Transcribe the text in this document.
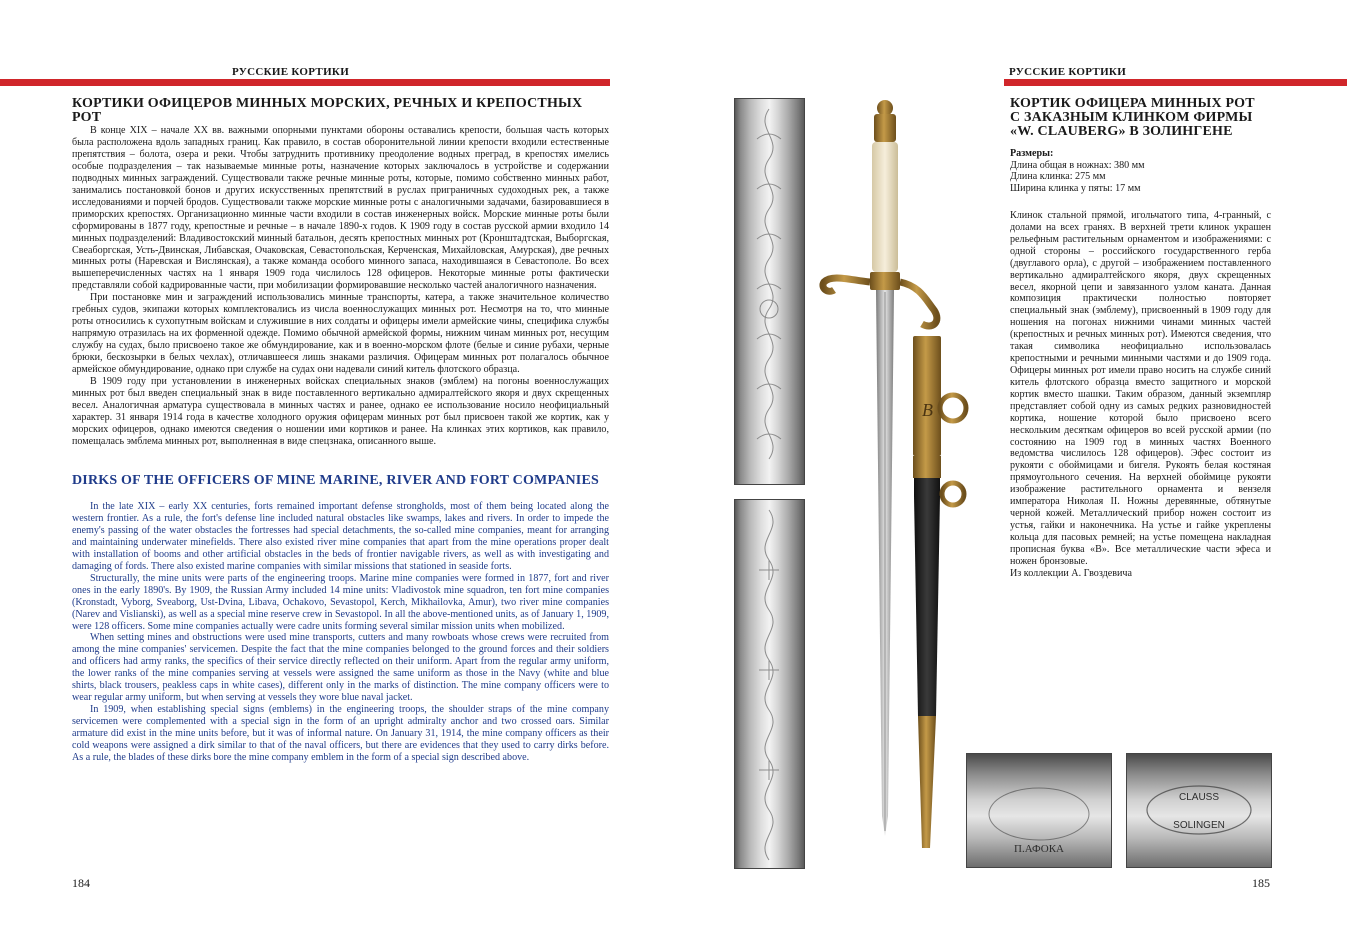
РУССКИЕ КОРТИКИ
КОРТИКИ ОФИЦЕРОВ МИННЫХ МОРСКИХ, РЕЧНЫХ И КРЕПОСТНЫХ РОТ

В конце XIX – начале XX вв. важными опорными пунктами обороны оставались крепости, большая часть которых была расположена вдоль западных границ. Как правило, в состав оборонительной линии крепости входили естественные препятствия – болота, озера и реки. Чтобы затруднить противнику преодоление водных преград, в крепостях имелись особые подразделения – так называемые минные роты, назначение которых заключалось в устройстве и содержании подводных минных заграждений. Существовали также речные минные роты, которые, помимо собственно минных работ, занимались постановкой бонов и других искусственных препятствий в руслах приграничных судоходных рек, а также исследованиями и порчей бродов. Существовали также морские минные роты с аналогичными задачами, базировавшиеся в приморских крепостях. Организационно минные части входили в состав инженерных войск. Морские минные роты были сформированы в 1877 году, крепостные и речные – в начале 1890-х годов. К 1909 году в состав русской армии входило 14 минных подразделений: Владивостокский минный батальон, десять крепостных минных рот (Кронштадтская, Выборгская, Свеаборгская, Усть-Двинская, Либавская, Очаковская, Севастопольская, Керченская, Михайловская, Амурская), две речных минных роты (Наревская и Вислянская), а также команда особого минного запаса, находившаяся в Севастополе. Во всех вышеперечисленных частях на 1 января 1909 года числилось 128 офицеров. Некоторые минные роты фактически представляли собой кадрированные части, при мобилизации формировавшие несколько частей аналогичного назначения.

При постановке мин и заграждений использовались минные транспорты, катера, а также значительное количество гребных судов, экипажи которых комплектовались из числа военнослужащих минных рот. Несмотря на то, что минные роты относились к сухопутным войскам и служившие в них солдаты и офицеры имели армейские чины, специфика службы напрямую отразилась на их форменной одежде. Помимо обычной армейской формы, нижним чинам минных рот, несущим службу на судах, было присвоено такое же обмундирование, как и в военно-морском флоте (белые и синие рубахи, черные брюки, бескозырки в белых чехлах), отличавшееся лишь знаками различия. Офицерам минных рот полагалось обычное армейское обмундирование, однако при службе на судах они надевали синий китель флотского образца.

В 1909 году при установлении в инженерных войсках специальных знаков (эмблем) на погоны военнослужащих минных рот был введен специальный знак в виде поставленного вертикально адмиралтейского якоря и двух скрещенных весел. Аналогичная арматура существовала в минных частях и ранее, однако ее использование носило неофициальный характер. 31 января 1914 года в качестве холодного оружия офицерам минных рот был присвоен такой же кортик, как у морских офицеров, однако имеются сведения о ношении ими кортиков и ранее. На клинках этих кортиков, как правило, помещалась эмблема минных рот, выполненная в виде спецзнака, описанного выше.

DIRKS OF THE OFFICERS OF MINE MARINE, RIVER AND FORT COMPANIES

In the late XIX – early XX centuries, forts remained important defense strongholds, most of them being located along the western frontier. As a rule, the fort's defense line included natural obstacles like swamps, lakes and rivers. In order to impede the enemy's passing of the water obstacles the fortresses had special detachments, the so-called mine companies, meant for arranging and maintaining underwater minefields. There also existed river mine companies that apart from the mine operations proper dealt with installation of booms and other artificial obstacles in the beds of frontier navigable rivers, as well as with investigating and damaging of fords. There also existed marine companies with similar missions that stationed in seaside forts.

Structurally, the mine units were parts of the engineering troops. Marine mine companies were formed in 1877, fort and river ones in the early 1890's. By 1909, the Russian Army included 14 mine units: Vladivostok mine squadron, ten fort mine companies (Kronstadt, Vyborg, Sveaborg, Ust-Dvina, Libava, Ochakovo, Sevastopol, Kerch, Mikhailovka, Amur), two river mine companies (Narev and Vislianski), as well as a special mine reserve crew in Sevastopol. In all the above-mentioned units, as of January 1, 1909, were 128 officers. Some mine companies actually were cadre units forming several similar mission units when mobilized.

When setting mines and obstructions were used mine transports, cutters and many rowboats whose crews were recruited from among the mine companies' servicemen. Despite the fact that the mine companies belonged to the ground forces and their soldiers and officers had army ranks, the specifics of their service directly reflected on their uniform. Apart from the regular army uniform, the lower ranks of the mine companies serving at vessels were assigned the same uniform as those in the Navy (white and blue shirts, black trousers, peakless caps in white cases), different only in the marks of distinction. The mine company officers were to wear regular army uniform, but when serving at vessels they wore blue naval jacket.

In 1909, when establishing special signs (emblems) in the engineering troops, the shoulder straps of the mine company servicemen were complemented with a special sign in the form of an upright admiralty anchor and two crossed oars. Similar armature did exist in the mine units before, but it was of informal nature. On January 31, 1914, the mine company officers as their cold weapons were assigned a dirk similar to that of the naval officers, but there are evidences that they used to carry dirks before. As a rule, the blades of these dirks bore the mine company emblem in the form of a special sign described above.

184
В
РУССКИЕ КОРТИКИ
КОРТИК ОФИЦЕРА МИННЫХ РОТ
С ЗАКАЗНЫМ КЛИНКОМ ФИРМЫ
«W. CLAUBERG» В ЗОЛИНГЕНЕ
Размеры:
Длина общая в ножнах: 380 мм
Длина клинка: 275 мм
Ширина клинка у пяты: 17 мм

Клинок стальной прямой, игольчатого типа, 4-гранный, с долами на всех гранях. В верхней трети клинок украшен рельефным растительным орнаментом и изображениями: с одной стороны – российского государственного герба (двуглавого орла), с другой – изображением поставленного вертикально адмиралтейского якоря, двух скрещенных весел, якорной цепи и завязанного узлом каната. Данная композиция практически полностью повторяет специальный знак (эмблему), присвоенный в 1909 году для ношения на погонах нижними чинами минных частей (крепостных и речных минных рот). Имеются сведения, что такая символика неофициально использовалась крепостными и речными минными частями и до 1909 года. Офицеры минных рот имели право носить на службе синий китель флотского образца вместо защитного и морской кортик вместо шашки. Таким образом, данный экземпляр представляет собой одну из самых редких разновидностей кортика, ношение которой было присвоено всего нескольким десяткам офицеров во всей русской армии (по состоянию на 1909 год в минных частях Военного ведомства числилось 128 офицеров). Эфес состоит из рукояти с обоймицами и бигеля. Рукоять белая костяная прямоугольного сечения. На верхней обоймице рукояти изображение растительного орнамента и вензеля императора Николая II. Ножны деревянные, обтянутые черной кожей. Металлический прибор ножен состоит из устья, гайки и наконечника. На устье и гайке укреплены кольца для пасовых ремней; на устье помещена накладная прописная буква «В». Все металлические части эфеса и ножен бронзовые.

Из коллекции А. Гвоздевича

П.АФОКА
CLAUSS
SOLINGEN
185
